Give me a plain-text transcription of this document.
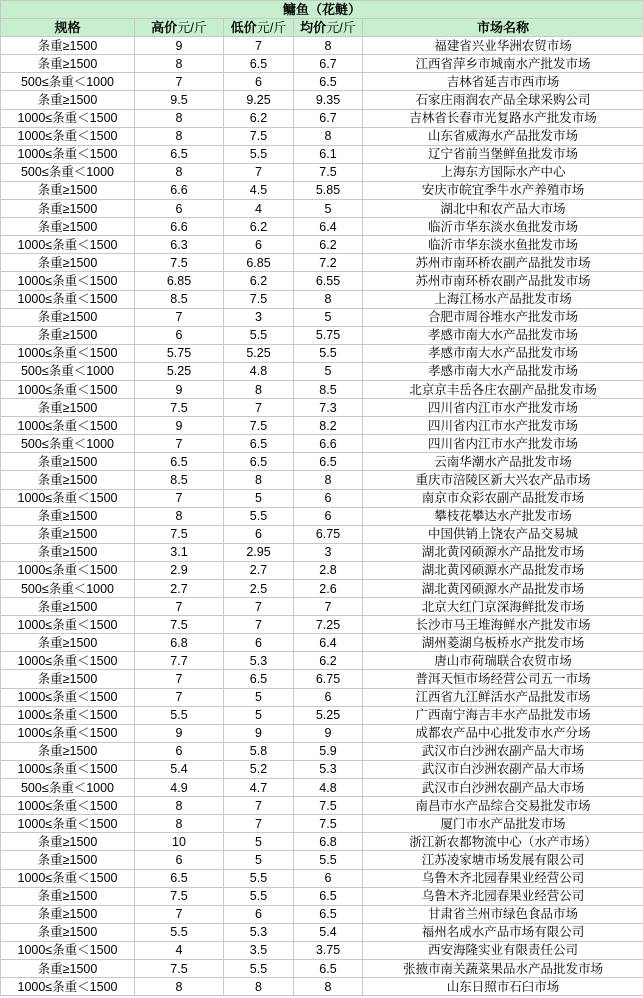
鳙鱼（花鲢）				
规格	高价元/斤	低价元/斤	均价元/斤	市场名称
条重≥1500	9	7	8	福建省兴业华洲农贸市场
条重≥1500	8	6.5	6.7	江西省萍乡市城南水产批发市场
500≤条重＜1000	7	6	6.5	吉林省延吉市西市场
条重≥1500	9.5	9.25	9.35	石家庄雨润农产品全球采购公司
1000≤条重＜1500	8	6.2	6.7	吉林省长春市光复路水产批发市场
1000≤条重＜1500	8	7.5	8	山东省威海水产品批发市场
1000≤条重＜1500	6.5	5.5	6.1	辽宁省前当堡鲜鱼批发市场
500≤条重＜1000	8	7	7.5	上海东方国际水产中心
条重≥1500	6.6	4.5	5.85	安庆市皖宜季牛水产养殖市场
条重≥1500	6	4	5	湖北中和农产品大市场
条重≥1500	6.6	6.2	6.4	临沂市华东淡水鱼批发市场
1000≤条重＜1500	6.3	6	6.2	临沂市华东淡水鱼批发市场
条重≥1500	7.5	6.85	7.2	苏州市南环桥农副产品批发市场
1000≤条重＜1500	6.85	6.2	6.55	苏州市南环桥农副产品批发市场
1000≤条重＜1500	8.5	7.5	8	上海江杨水产品批发市场
条重≥1500	7	3	5	合肥市周谷堆水产批发市场
条重≥1500	6	5.5	5.75	孝感市南大水产品批发市场
1000≤条重＜1500	5.75	5.25	5.5	孝感市南大水产品批发市场
500≤条重＜1000	5.25	4.8	5	孝感市南大水产品批发市场
1000≤条重＜1500	9	8	8.5	北京京丰岳各庄农副产品批发市场
条重≥1500	7.5	7	7.3	四川省内江市水产批发市场
1000≤条重＜1500	9	7.5	8.2	四川省内江市水产批发市场
500≤条重＜1000	7	6.5	6.6	四川省内江市水产批发市场
条重≥1500	6.5	6.5	6.5	云南华潮水产品批发市场
条重≥1500	8.5	8	8	重庆市涪陵区新大兴农产品市场
1000≤条重＜1500	7	5	6	南京市众彩农副产品批发市场
条重≥1500	8	5.5	6	攀枝花攀达水产批发市场
条重≥1500	7.5	6	6.75	中国供销上饶农产品交易城
条重≥1500	3.1	2.95	3	湖北黄冈硕源水产品批发市场
1000≤条重＜1500	2.9	2.7	2.8	湖北黄冈硕源水产品批发市场
500≤条重＜1000	2.7	2.5	2.6	湖北黄冈硕源水产品批发市场
条重≥1500	7	7	7	北京大红门京深海鲜批发市场
1000≤条重＜1500	7.5	7	7.25	长沙市马王堆海鲜水产批发市场
条重≥1500	6.8	6	6.4	湖州菱湖乌板桥水产批发市场
1000≤条重＜1500	7.7	5.3	6.2	唐山市荷瑞联合农贸市场
条重≥1500	7	6.5	6.75	普洱天恒市场经营公司五一市场
1000≤条重＜1500	7	5	6	江西省九江鲜活水产品批发市场
1000≤条重＜1500	5.5	5	5.25	广西南宁海吉丰水产品批发市场
1000≤条重＜1500	9	9	9	成都农产品中心批发市水产分场
条重≥1500	6	5.8	5.9	武汉市白沙洲农副产品大市场
1000≤条重＜1500	5.4	5.2	5.3	武汉市白沙洲农副产品大市场
500≤条重＜1000	4.9	4.7	4.8	武汉市白沙洲农副产品大市场
1000≤条重＜1500	8	7	7.5	南昌市水产品综合交易批发市场
1000≤条重＜1500	8	7	7.5	厦门市水产品批发市场
条重≥1500	10	5	6.8	浙江新农都物流中心（水产市场）
条重≥1500	6	5	5.5	江苏凌家塘市场发展有限公司
1000≤条重＜1500	6.5	5.5	6	乌鲁木齐北园春果业经营公司
条重≥1500	7.5	5.5	6.5	乌鲁木齐北园春果业经营公司
条重≥1500	7	6	6.5	甘肃省兰州市绿色食品市场
条重≥1500	5.5	5.3	5.4	福州名成水产品市场有限公司
1000≤条重＜1500	4	3.5	3.75	西安海隆实业有限责任公司
条重≥1500	7.5	5.5	6.5	张掖市南关蔬菜果品水产品批发市场
1000≤条重＜1500	8	8	8	山东日照市石臼市场
